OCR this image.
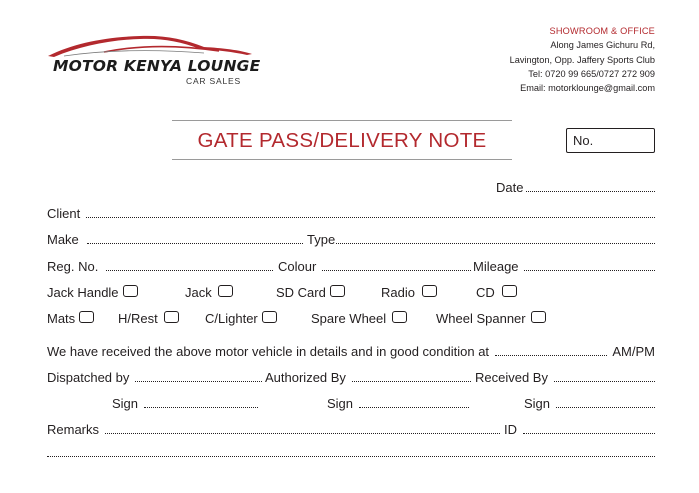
MOTOR KENYA LOUNGE
CAR SALES
SHOWROOM & OFFICE
Along James Gichuru Rd,
Lavington, Opp. Jaffery Sports Club
Tel: 0720 99 665/0727 272 909
Email: motorklounge@gmail.com
GATE PASS/DELIVERY NOTE	No.
Date
Client
Make	Type
Reg. No.	Colour	Mileage
Jack Handle	Jack	SD Card	Radio	CD
Mats	H/Rest	C/Lighter	Spare Wheel	Wheel Spanner
We have received the above motor vehicle in details and in good condition at	AM/PM
Dispatched by	Authorized By	Received By
Sign	Sign	Sign
Remarks	ID
